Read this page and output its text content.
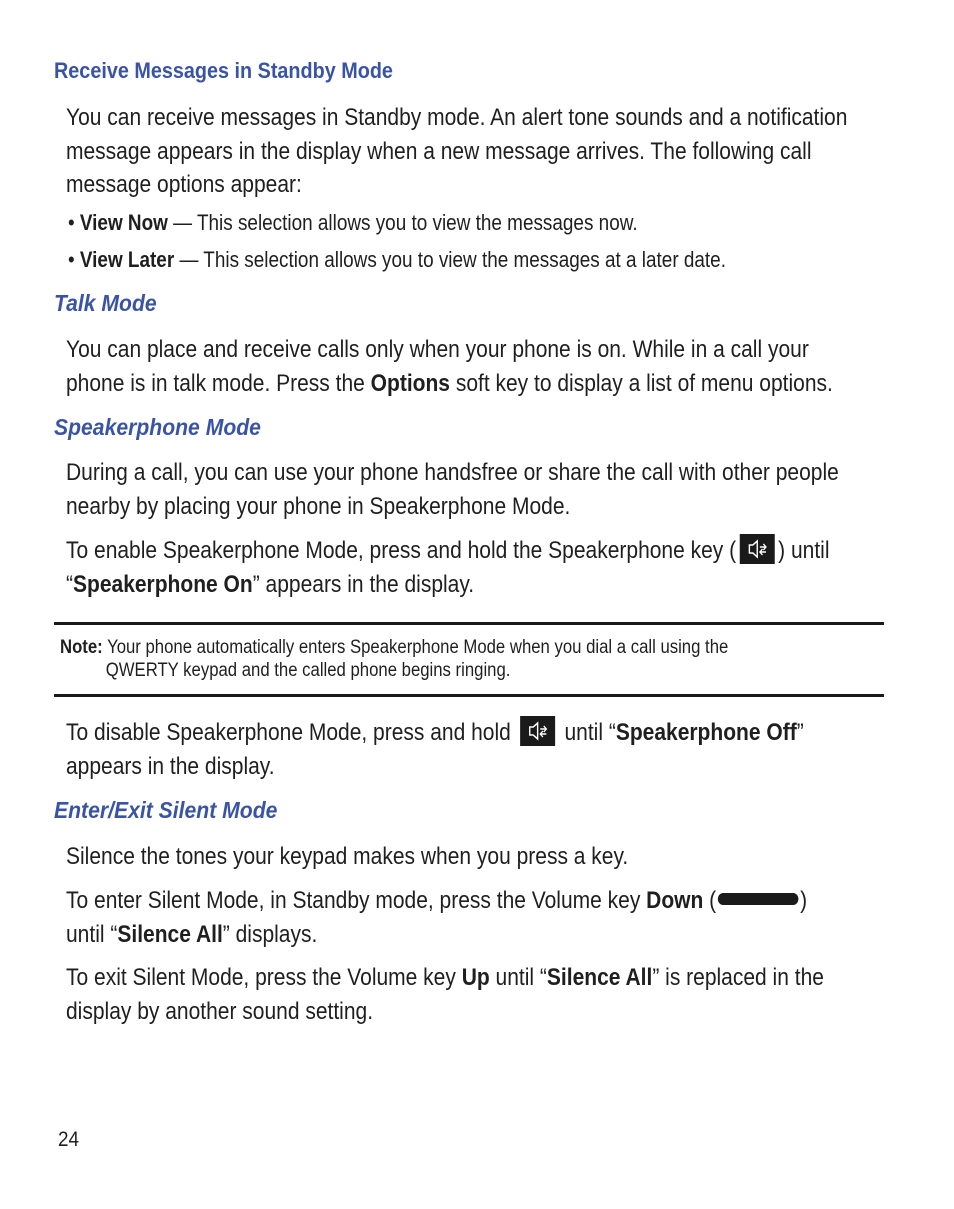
Receive Messages in Standby Mode

You can receive messages in Standby mode. An alert tone sounds and a notification
message appears in the display when a new message arrives. The following call
message options appear:

• View Now — This selection allows you to view the messages now.

• View Later — This selection allows you to view the messages at a later date.

Talk Mode

You can place and receive calls only when your phone is on. While in a call your
phone is in talk mode. Press the Options soft key to display a list of menu options.

Speakerphone Mode

During a call, you can use your phone handsfree or share the call with other people
nearby by placing your phone in Speakerphone Mode.

To enable Speakerphone Mode, press and hold the Speakerphone key ( ) until
“Speakerphone On” appears in the display.

Note: Your phone automatically enters Speakerphone Mode when you dial a call using the
QWERTY keypad and the called phone begins ringing.

To disable Speakerphone Mode, press and hold
until “Speakerphone Off”
appears in the display.

Enter/Exit Silent Mode

Silence the tones your keypad makes when you press a key.

To enter Silent Mode, in Standby mode, press the Volume key Down (	)
until “Silence All” displays.

To exit Silent Mode, press the Volume key Up until “Silence All” is replaced in the
display by another sound setting.

24
